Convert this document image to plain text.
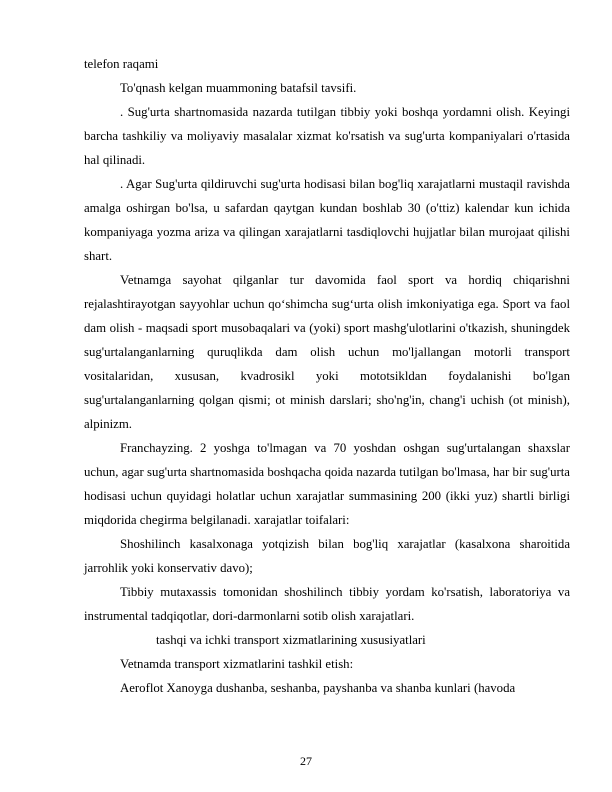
telefon raqami

To'qnash kelgan muammoning batafsil tavsifi.

. Sug'urta shartnomasida nazarda tutilgan tibbiy yoki boshqa yordamni olish. Keyingi barcha tashkiliy va moliyaviy masalalar xizmat ko'rsatish va sug'urta kompaniyalari o'rtasida hal qilinadi.

. Agar Sug'urta qildiruvchi sug'urta hodisasi bilan bog'liq xarajatlarni mustaqil ravishda amalga oshirgan bo'lsa, u safardan qaytgan kundan boshlab 30 (o'ttiz) kalendar kun ichida kompaniyaga yozma ariza va qilingan xarajatlarni tasdiqlovchi hujjatlar bilan murojaat qilishi shart.

Vetnamga sayohat qilganlar tur davomida faol sport va hordiq chiqarishni rejalashtirayotgan sayyohlar uchun qo‘shimcha sug‘urta olish imkoniyatiga ega. Sport va faol dam olish - maqsadi sport musobaqalari va (yoki) sport mashg'ulotlarini o'tkazish, shuningdek sug'urtalanganlarning quruqlikda dam olish uchun mo'ljallangan motorli transport vositalaridan, xususan, kvadrosikl yoki mototsikldan foydalanishi bo'lgan sug'urtalanganlarning qolgan qismi; ot minish darslari; sho'ng'in, chang'i uchish (ot minish), alpinizm.

Franchayzing. 2 yoshga to'lmagan va 70 yoshdan oshgan sug'urtalangan shaxslar uchun, agar sug'urta shartnomasida boshqacha qoida nazarda tutilgan bo'lmasa, har bir sug'urta hodisasi uchun quyidagi holatlar uchun xarajatlar summasining 200 (ikki yuz) shartli birligi miqdorida chegirma belgilanadi. xarajatlar toifalari:

Shoshilinch kasalxonaga yotqizish bilan bog'liq xarajatlar (kasalxona sharoitida jarrohlik yoki konservativ davo);

Tibbiy mutaxassis tomonidan shoshilinch tibbiy yordam ko'rsatish, laboratoriya va instrumental tadqiqotlar, dori-darmonlarni sotib olish xarajatlari.

tashqi va ichki transport xizmatlarining xususiyatlari

Vetnamda transport xizmatlarini tashkil etish:

Aeroflot Xanoyga dushanba, seshanba, payshanba va shanba kunlari (havoda

27
